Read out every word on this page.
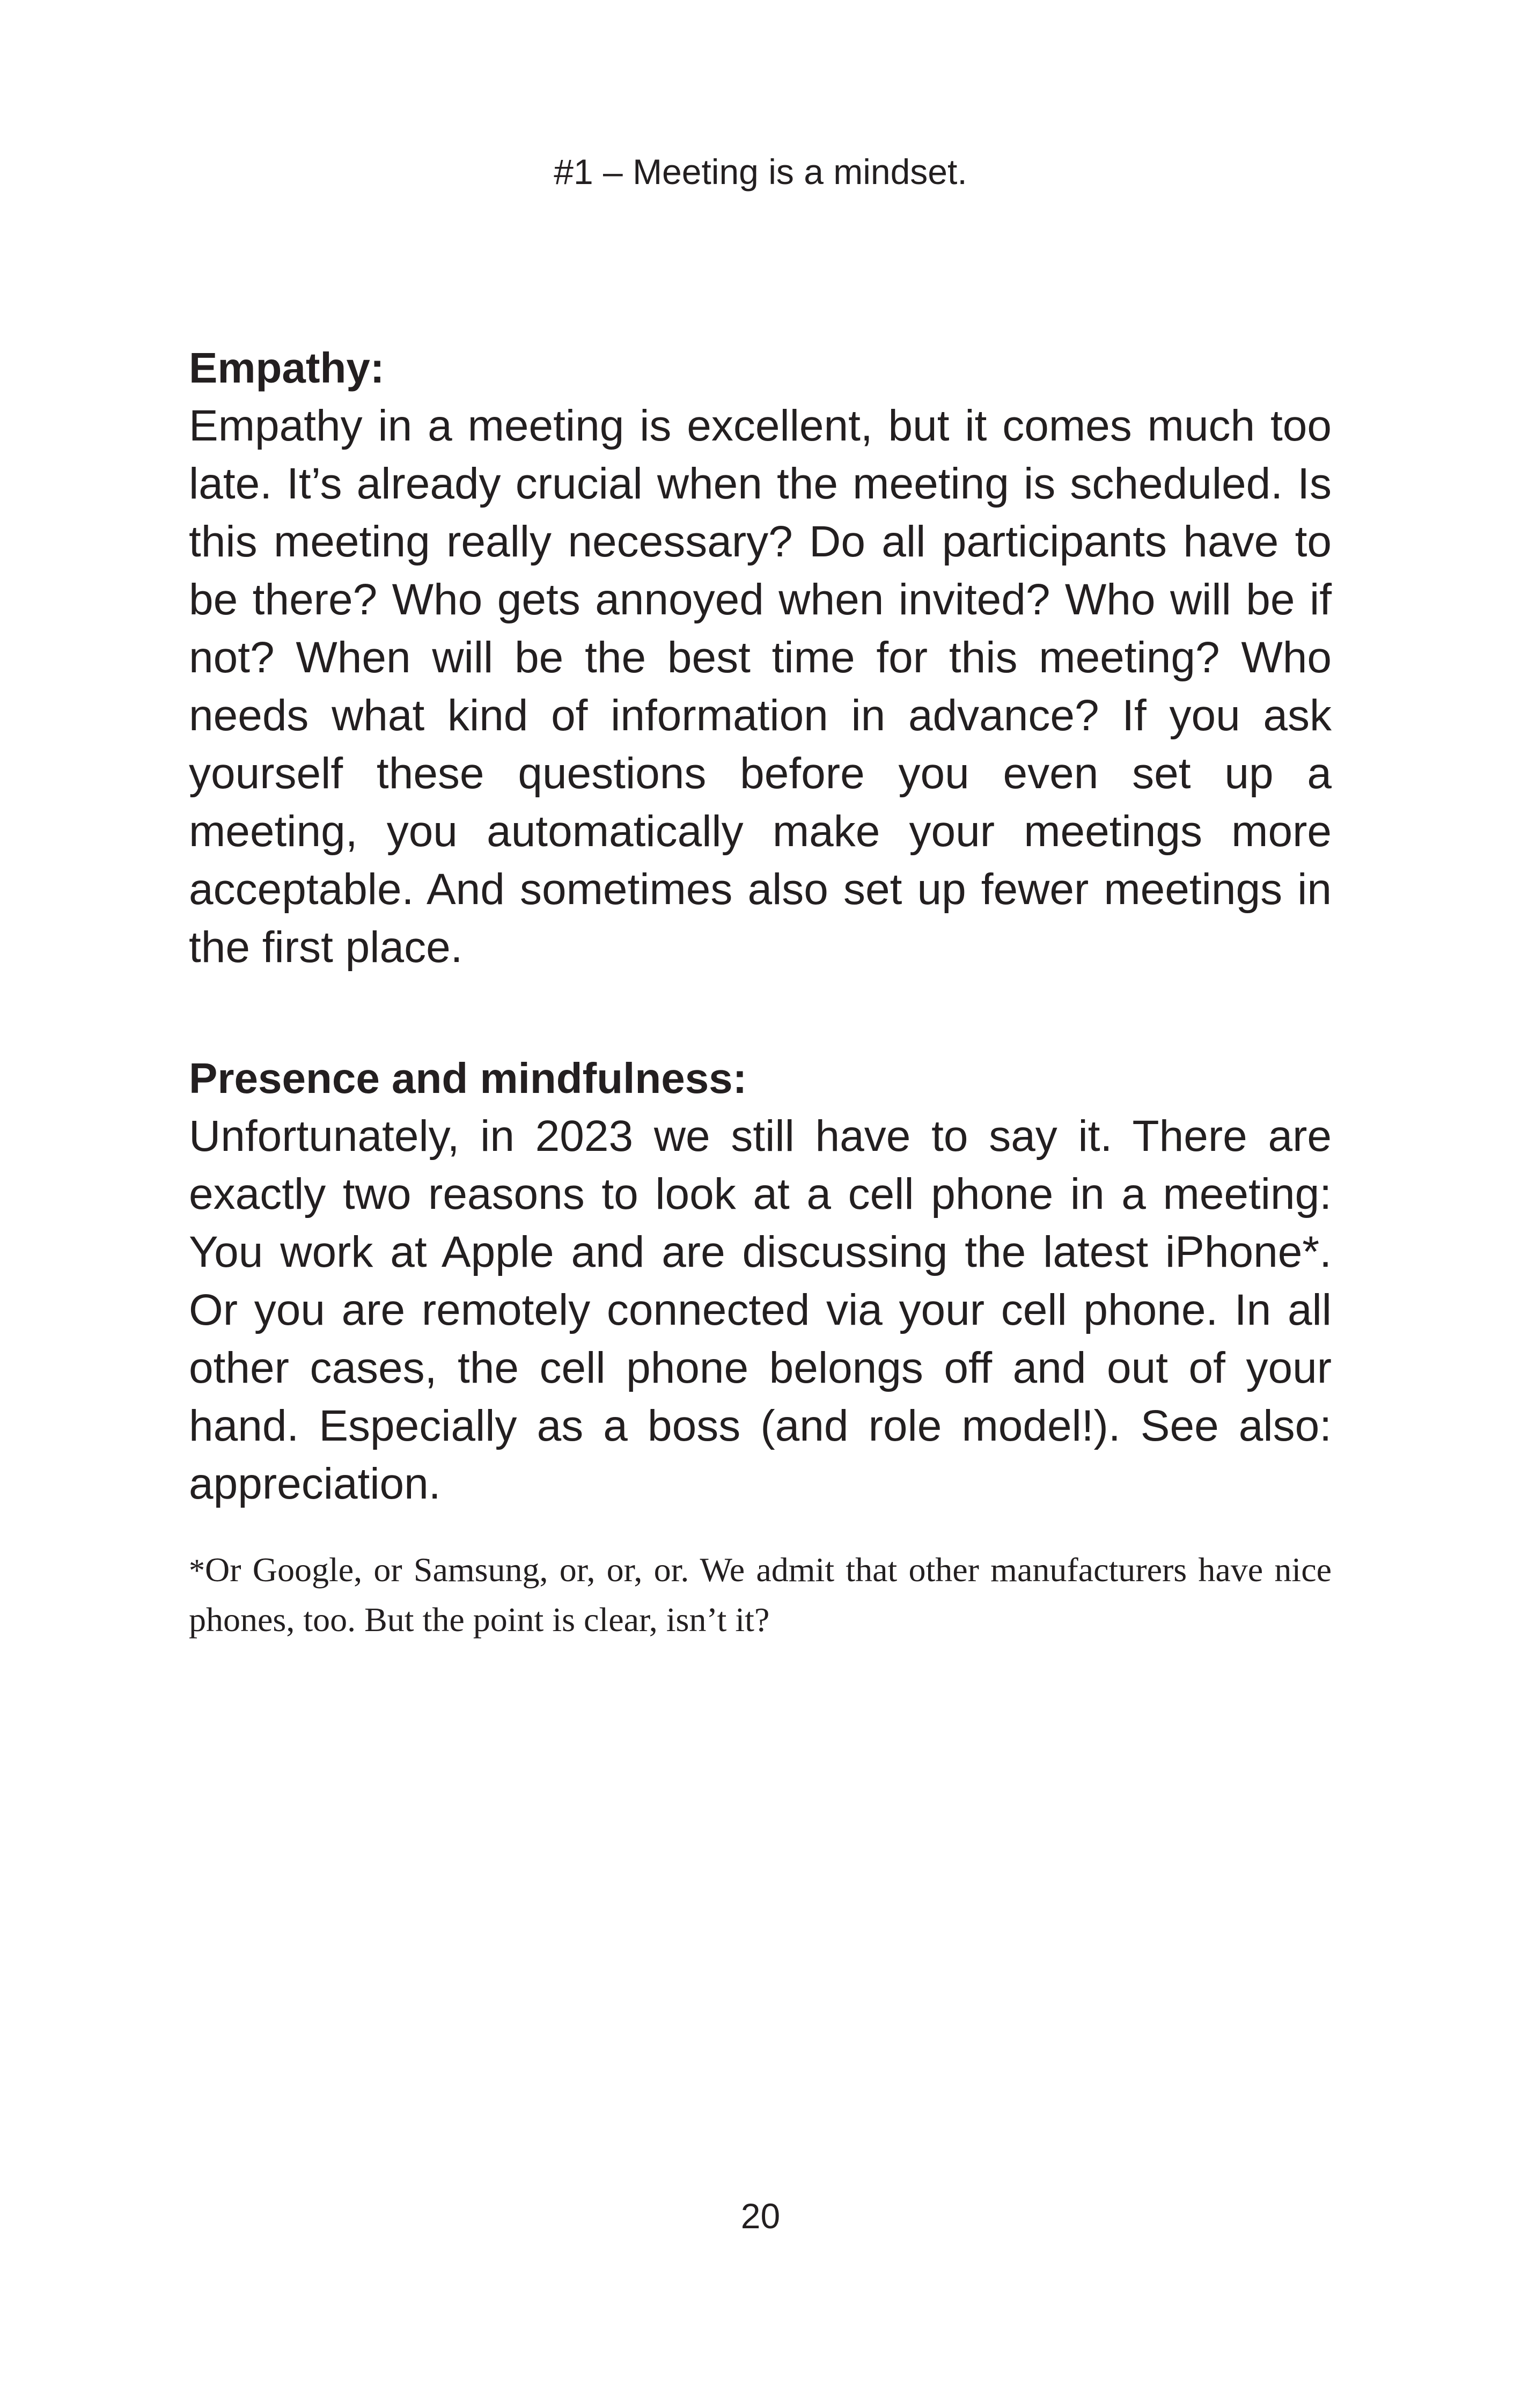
#1 – Meeting is a mindset.
Empathy:

Empathy in a meeting is excellent, but it comes much too late. It’s already crucial when the meeting is scheduled. Is this meeting really necessary? Do all participants have to be there? Who gets annoyed when invited? Who will be if not? When will be the best time for this meeting? Who needs what kind of information in advance? If you ask yourself these questions before you even set up a meeting, you automatically make your meetings more acceptable. And sometimes also set up fewer meetings in the first place.

Presence and mindfulness:

Unfortunately, in 2023 we still have to say it. There are exactly two reasons to look at a cell phone in a meeting: You work at Apple and are discussing the latest iPhone*. Or you are remotely connected via your cell phone. In all other cases, the cell phone belongs off and out of your hand. Especially as a boss (and role model!). See also: appreciation.

*Or Google, or Samsung, or, or, or. We admit that other manufacturers have nice phones, too. But the point is clear, isn’t it?

20
